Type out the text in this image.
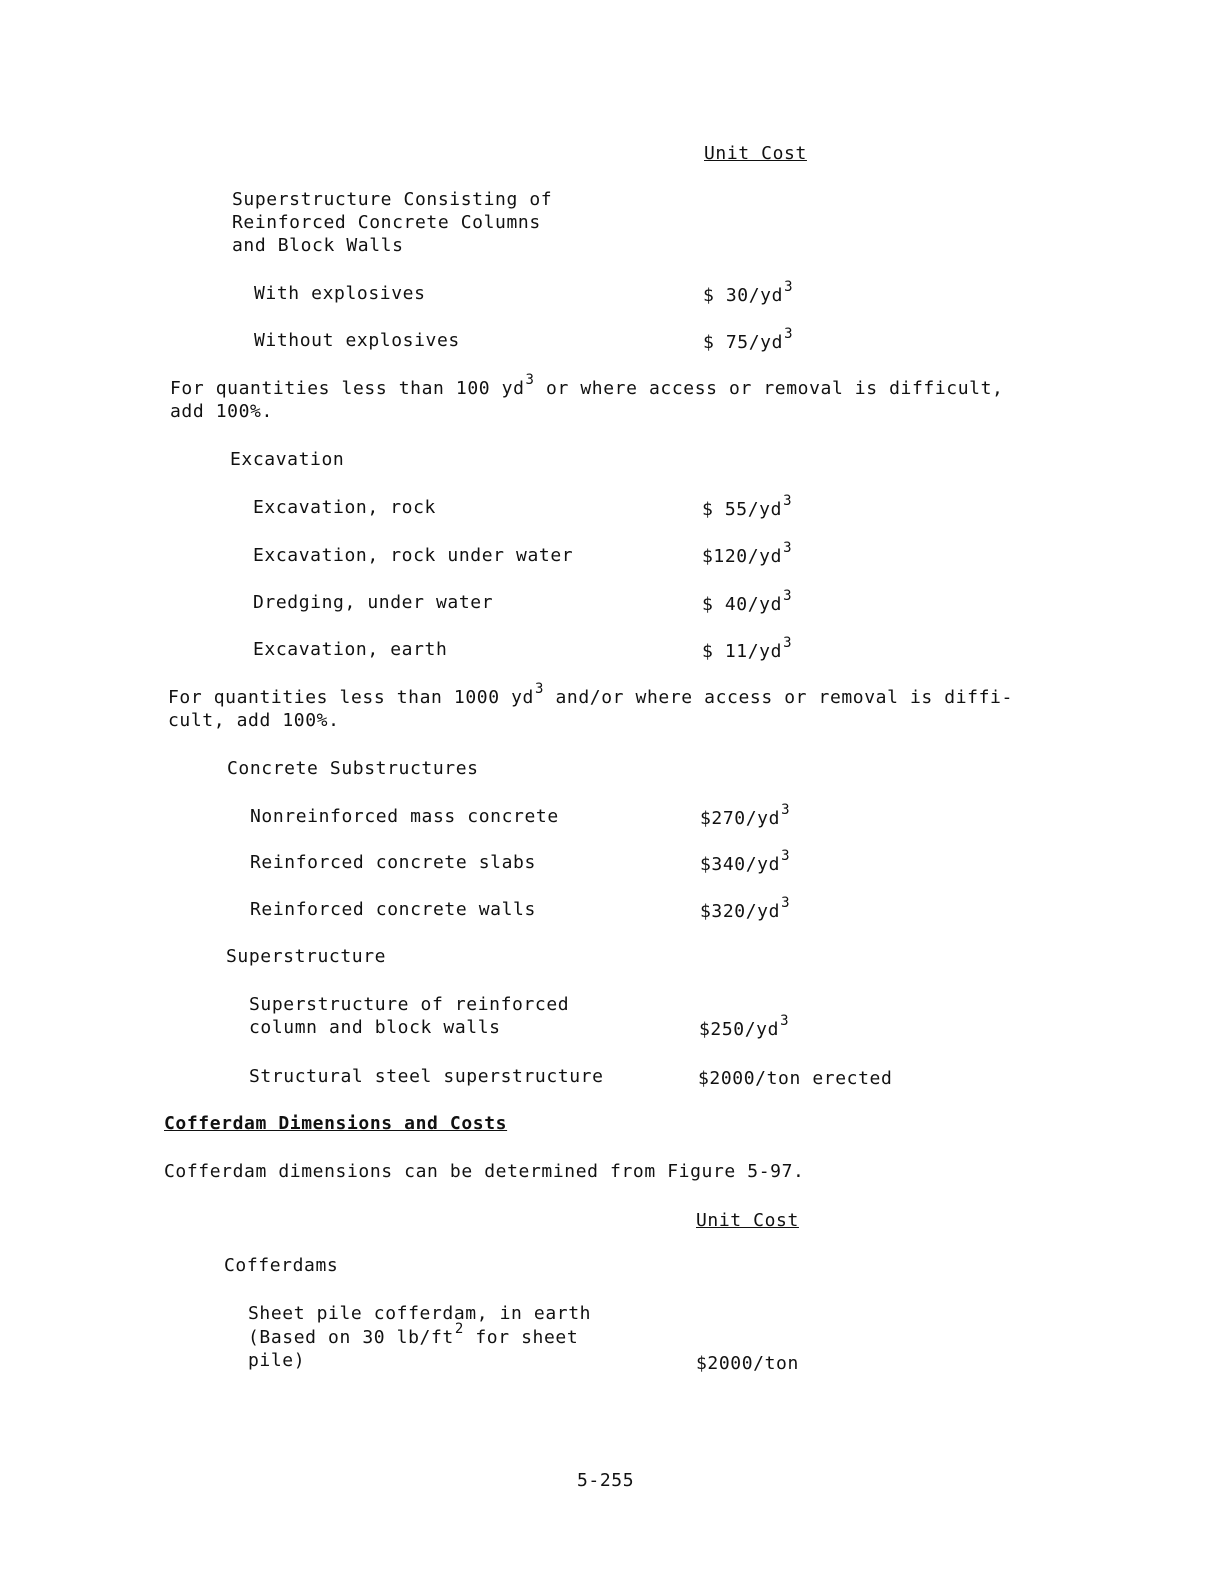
Unit Cost
Superstructure Consisting of
Reinforced Concrete Columns
and Block Walls
With explosives	$ $30/yd^3$
Without explosives	$ $75/yd^3$
For quantities less than 100 $yd^3$ or where access or removal is difficult,
add 100%.
Excavation
Excavation, rock	$ $55/yd^3$
Excavation, rock under water	$\$120/yd^3$
Dredging, under water	$ $40/yd^3$
Excavation, earth	$ $11/yd^3$
For quantities less than 1000 $yd^3$ and/or where access or removal is diffi-
cult, add 100%.
Concrete Substructures
Nonreinforced mass concrete	$\$270/yd^3$
Reinforced concrete slabs	$\$340/yd^3$
Reinforced concrete walls	$\$320/yd^3$
Superstructure
Superstructure of reinforced
column and block walls	$\$250/yd^3$
Structural steel superstructure	$2000/ton erected
Cofferdam Dimensions and Costs
Cofferdam dimensions can be determined from Figure 5-97.
Unit Cost
Cofferdams
Sheet pile cofferdam, in earth
(Based on 30 $lb/ft^2$ for sheet
pile)	$2000/ton
5-255
